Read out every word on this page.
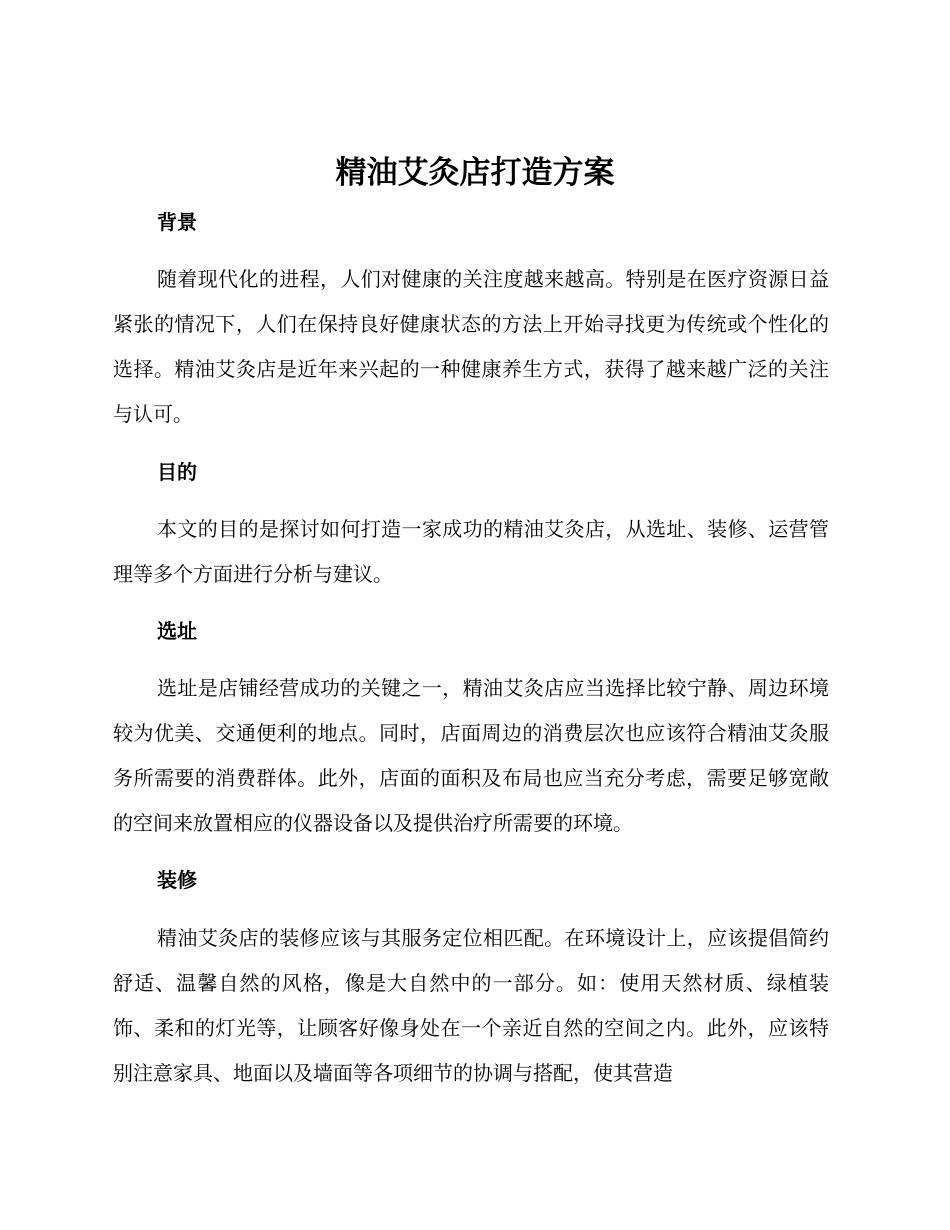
精油艾灸店打造方案
背景

随着现代化的进程，人们对健康的关注度越来越高。特别是在医疗资源日益紧张的情况下，人们在保持良好健康状态的方法上开始寻找更为传统或个性化的选择。精油艾灸店是近年来兴起的一种健康养生方式，获得了越来越广泛的关注与认可。

目的

本文的目的是探讨如何打造一家成功的精油艾灸店，从选址、装修、运营管理等多个方面进行分析与建议。

选址

选址是店铺经营成功的关键之一，精油艾灸店应当选择比较宁静、周边环境较为优美、交通便利的地点。同时，店面周边的消费层次也应该符合精油艾灸服务所需要的消费群体。此外，店面的面积及布局也应当充分考虑，需要足够宽敞的空间来放置相应的仪器设备以及提供治疗所需要的环境。

装修

精油艾灸店的装修应该与其服务定位相匹配。在环境设计上，应该提倡简约舒适、温馨自然的风格，像是大自然中的一部分。如：使用天然材质、绿植装饰、柔和的灯光等，让顾客好像身处在一个亲近自然的空间之内。此外，应该特别注意家具、地面以及墙面等各项细节的协调与搭配，使其营造
